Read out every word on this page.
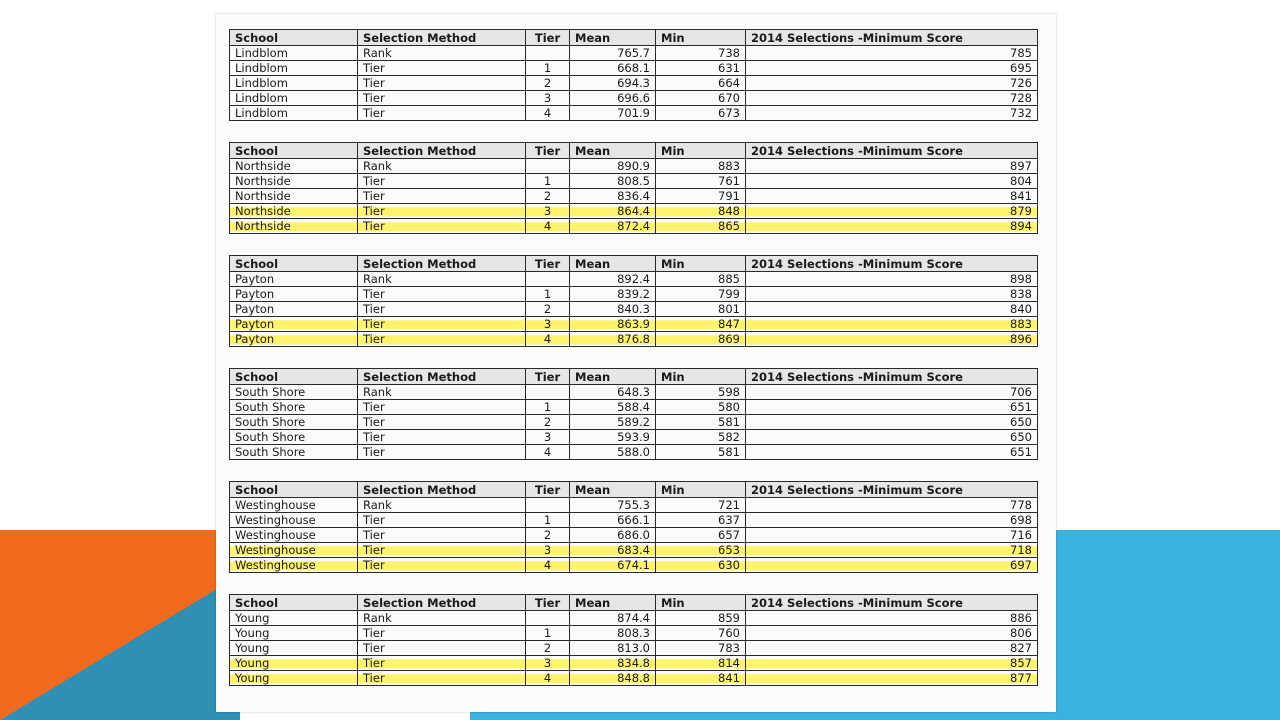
School	Selection Method	Tier	Mean	Min	2014 Selections -Minimum Score
Lindblom	Rank		765.7	738	785
Lindblom	Tier	1	668.1	631	695
Lindblom	Tier	2	694.3	664	726
Lindblom	Tier	3	696.6	670	728
Lindblom	Tier	4	701.9	673	732
School	Selection Method	Tier	Mean	Min	2014 Selections -Minimum Score
Northside	Rank		890.9	883	897
Northside	Tier	1	808.5	761	804
Northside	Tier	2	836.4	791	841
Northside	Tier	3	864.4	848	879
Northside	Tier	4	872.4	865	894
School	Selection Method	Tier	Mean	Min	2014 Selections -Minimum Score
Payton	Rank		892.4	885	898
Payton	Tier	1	839.2	799	838
Payton	Tier	2	840.3	801	840
Payton	Tier	3	863.9	847	883
Payton	Tier	4	876.8	869	896
School	Selection Method	Tier	Mean	Min	2014 Selections -Minimum Score
South Shore	Rank		648.3	598	706
South Shore	Tier	1	588.4	580	651
South Shore	Tier	2	589.2	581	650
South Shore	Tier	3	593.9	582	650
South Shore	Tier	4	588.0	581	651
School	Selection Method	Tier	Mean	Min	2014 Selections -Minimum Score
Westinghouse	Rank		755.3	721	778
Westinghouse	Tier	1	666.1	637	698
Westinghouse	Tier	2	686.0	657	716
Westinghouse	Tier	3	683.4	653	718
Westinghouse	Tier	4	674.1	630	697
School	Selection Method	Tier	Mean	Min	2014 Selections -Minimum Score
Young	Rank		874.4	859	886
Young	Tier	1	808.3	760	806
Young	Tier	2	813.0	783	827
Young	Tier	3	834.8	814	857
Young	Tier	4	848.8	841	877
